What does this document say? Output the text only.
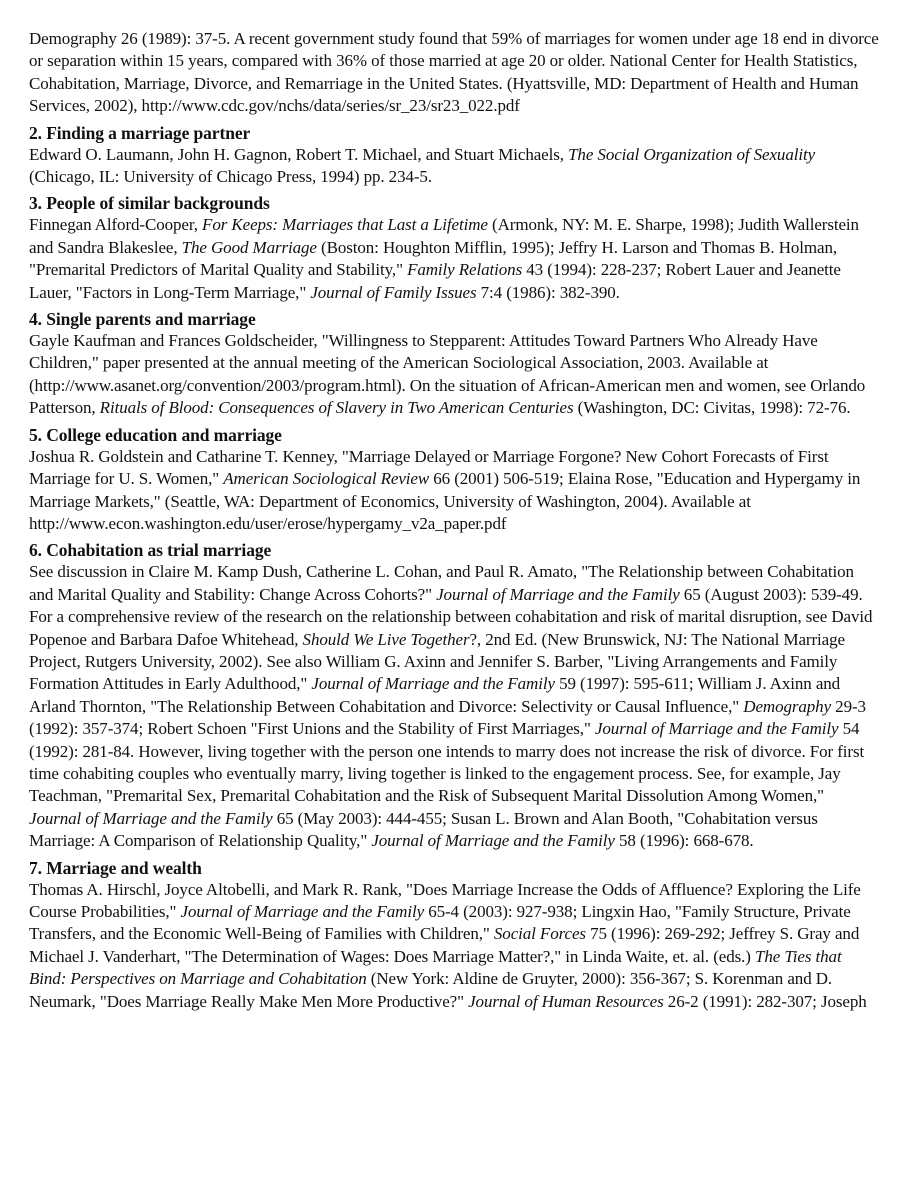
Demography 26 (1989): 37-5. A recent government study found that 59% of marriages for women under age 18 end in divorce or separation within 15 years, compared with 36% of those married at age 20 or older. National Center for Health Statistics, Cohabitation, Marriage, Divorce, and Remarriage in the United States. (Hyattsville, MD: Department of Health and Human Services, 2002), http://www.cdc.gov/nchs/data/series/sr_23/sr23_022.pdf

2. Finding a marriage partner

Edward O. Laumann, John H. Gagnon, Robert T. Michael, and Stuart Michaels, The Social Organization of Sexuality (Chicago, IL: University of Chicago Press, 1994) pp. 234-5.

3. People of similar backgrounds

Finnegan Alford-Cooper, For Keeps: Marriages that Last a Lifetime (Armonk, NY: M. E. Sharpe, 1998); Judith Wallerstein and Sandra Blakeslee, The Good Marriage (Boston: Houghton Mifflin, 1995); Jeffry H. Larson and Thomas B. Holman, "Premarital Predictors of Marital Quality and Stability," Family Relations 43 (1994): 228-237; Robert Lauer and Jeanette Lauer, "Factors in Long-Term Marriage," Journal of Family Issues 7:4 (1986): 382-390.

4. Single parents and marriage

Gayle Kaufman and Frances Goldscheider, "Willingness to Stepparent: Attitudes Toward Partners Who Already Have Children," paper presented at the annual meeting of the American Sociological Association, 2003. Available at (http://www.asanet.org/convention/2003/program.html). On the situation of African-American men and women, see Orlando Patterson, Rituals of Blood: Consequences of Slavery in Two American Centuries (Washington, DC: Civitas, 1998): 72-76.

5. College education and marriage

Joshua R. Goldstein and Catharine T. Kenney, "Marriage Delayed or Marriage Forgone? New Cohort Forecasts of First Marriage for U. S. Women," American Sociological Review 66 (2001) 506-519; Elaina Rose, "Education and Hypergamy in Marriage Markets," (Seattle, WA: Department of Economics, University of Washington, 2004). Available at http://www.econ.washington.edu/user/erose/hypergamy_v2a_paper.pdf

6. Cohabitation as trial marriage

See discussion in Claire M. Kamp Dush, Catherine L. Cohan, and Paul R. Amato, "The Relationship between Cohabitation and Marital Quality and Stability: Change Across Cohorts?" Journal of Marriage and the Family 65 (August 2003): 539-49. For a comprehensive review of the research on the relationship between cohabitation and risk of marital disruption, see David Popenoe and Barbara Dafoe Whitehead, Should We Live Together?, 2nd Ed. (New Brunswick, NJ: The National Marriage Project, Rutgers University, 2002). See also William G. Axinn and Jennifer S. Barber, "Living Arrangements and Family Formation Attitudes in Early Adulthood," Journal of Marriage and the Family 59 (1997): 595-611; William J. Axinn and Arland Thornton, "The Relationship Between Cohabitation and Divorce: Selectivity or Causal Influence," Demography 29-3 (1992): 357-374; Robert Schoen "First Unions and the Stability of First Marriages," Journal of Marriage and the Family 54 (1992): 281-84. However, living together with the person one intends to marry does not increase the risk of divorce. For first time cohabiting couples who eventually marry, living together is linked to the engagement process. See, for example, Jay Teachman, "Premarital Sex, Premarital Cohabitation and the Risk of Subsequent Marital Dissolution Among Women," Journal of Marriage and the Family 65 (May 2003): 444-455; Susan L. Brown and Alan Booth, "Cohabitation versus Marriage: A Comparison of Relationship Quality," Journal of Marriage and the Family 58 (1996): 668-678.

7. Marriage and wealth

Thomas A. Hirschl, Joyce Altobelli, and Mark R. Rank, "Does Marriage Increase the Odds of Affluence? Exploring the Life Course Probabilities," Journal of Marriage and the Family 65-4 (2003): 927-938; Lingxin Hao, "Family Structure, Private Transfers, and the Economic Well-Being of Families with Children," Social Forces 75 (1996): 269-292; Jeffrey S. Gray and Michael J. Vanderhart, "The Determination of Wages: Does Marriage Matter?," in Linda Waite, et. al. (eds.) The Ties that Bind: Perspectives on Marriage and Cohabitation (New York: Aldine de Gruyter, 2000): 356-367; S. Korenman and D. Neumark, "Does Marriage Really Make Men More Productive?" Journal of Human Resources 26-2 (1991): 282-307; Joseph
